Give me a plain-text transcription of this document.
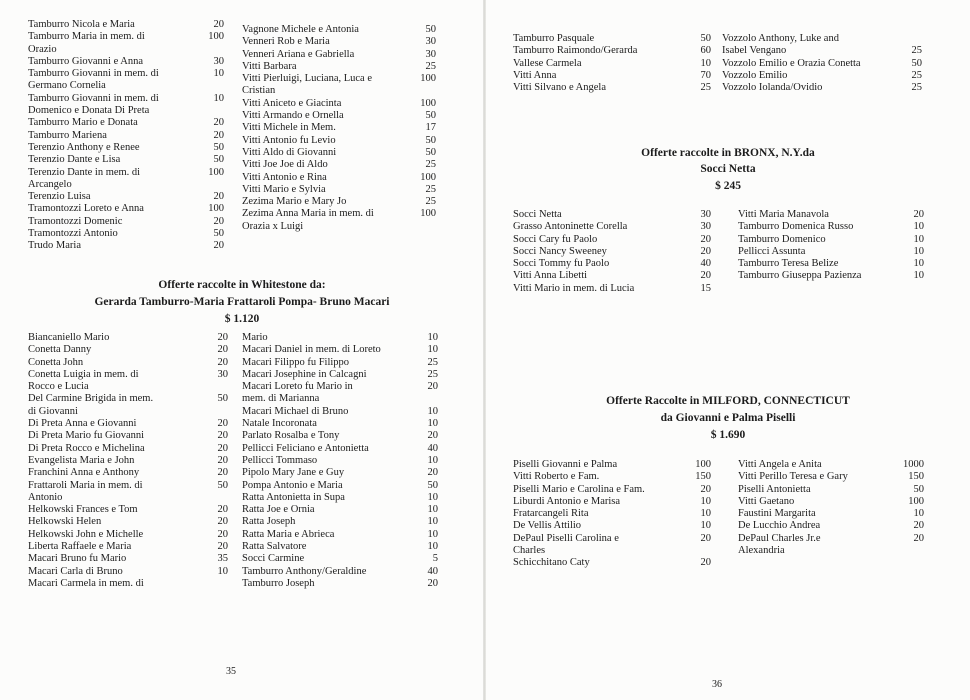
Tamburro Nicola e Maria	20
Tamburro Maria in mem. di
Orazio
100
Tamburro Giovanni e Anna	30
Tamburro Giovanni in mem. di
Germano Cornelia
10
Tamburro Giovanni in mem. di
Domenico e Donata Di Preta
10
Tamburro Mario e Donata	20
Tamburro Mariena	20
Terenzio Anthony e Renee	50
Terenzio Dante e Lisa	50
Terenzio Dante in mem. di
Arcangelo
100
Terenzio Luisa	20
Tramontozzi Loreto e Anna	100
Tramontozzi Domenic	20
Tramontozzi Antonio	50
Trudo Maria	20
Vagnone Michele e Antonia	50
Venneri Rob e Maria	30
Venneri Ariana e Gabriella	30
Vitti Barbara	25
Vitti Pierluigi, Luciana, Luca e
Cristian
100
Vitti Aniceto e Giacinta	100
Vitti Armando e Ornella	50
Vitti Michele in Mem.	17
Vitti Antonio fu Levio	50
Vitti Aldo di Giovanni	50
Vitti Joe Joe di Aldo	25
Vitti Antonio e Rina	100
Vitti Mario e Sylvia	25
Zezima Mario e Mary Jo	25
Zezima Anna Maria in mem. di
Orazia x Luigi
100
Offerte raccolte in Whitestone da:
Gerarda Tamburro-Maria Frattaroli Pompa- Bruno Macari
$ 1.120
Biancaniello Mario	20
Conetta Danny	20
Conetta John	20
Conetta Luigia in mem. di
Rocco e Lucia
30
Del Carmine Brigida in mem.
di Giovanni
50
Di Preta Anna e Giovanni	20
Di Preta Mario fu Giovanni	20
Di Preta Rocco e Michelina	20
Evangelista Maria e John	20
Franchini Anna e Anthony	20
Frattaroli Maria in mem. di
Antonio
50
Helkowski Frances e Tom	20
Helkowski Helen	20
Helkowski John e Michelle	20
Liberta Raffaele e Maria	20
Macari Bruno fu Mario	35
Macari Carla di Bruno	10
Macari Carmela in mem. di
Mario	10
Macari Daniel in mem. di Loreto	10
Macari Filippo fu Filippo	25
Macari Josephine in Calcagni	25
Macari Loreto fu Mario in
mem. di Marianna
20
Macari Michael di Bruno	10
Natale Incoronata	10
Parlato Rosalba e Tony	20
Pellicci Feliciano e Antonietta	40
Pellicci Tommaso	10
Pipolo Mary Jane e Guy	20
Pompa Antonio e Maria	50
Ratta Antonietta in Supa	10
Ratta Joe e Ornia	10
Ratta Joseph	10
Ratta Maria e Abrieca	10
Ratta Salvatore	10
Socci Carmine	5
Tamburro Anthony/Geraldine	40
Tamburro Joseph	20
35
Tamburro Pasquale	50
Tamburro Raimondo/Gerarda	60
Vallese Carmela	10
Vitti Anna	70
Vitti Silvano e Angela	25
Vozzolo Anthony, Luke and
Isabel Vengano	25
Vozzolo Emilio e Orazia Conetta	50
Vozzolo Emilio	25
Vozzolo Iolanda/Ovidio	25
Offerte raccolte in BRONX, N.Y.da
Socci Netta
$ 245
Socci Netta	30
Grasso Antoninette Corella	30
Socci Cary fu Paolo	20
Socci Nancy Sweeney	20
Socci Tommy fu Paolo	40
Vitti Anna Libetti	20
Vitti Mario in mem. di Lucia	15
Vitti Maria Manavola	20
Tamburro Domenica Russo	10
Tamburro Domenico	10
Pellicci Assunta	10
Tamburro Teresa Belize	10
Tamburro Giuseppa Pazienza	10
Offerte Raccolte in MILFORD, CONNECTICUT
da Giovanni e Palma Piselli
$ 1.690
Piselli Giovanni e Palma	100
Vitti Roberto e Fam.	150
Piselli Mario e Carolina e Fam.	20
Liburdi Antonio e Marisa	10
Fratarcangeli Rita	10
De Vellis Attilio	10
DePaul Piselli Carolina e
Charles
20
Schicchitano Caty	20
Vitti Angela e Anita	1000
Vitti Perillo Teresa e Gary	150
Piselli Antonietta	50
Vitti Gaetano	100
Faustini Margarita	10
De Lucchio Andrea	20
DePaul Charles Jr.e
Alexandria
20
36
